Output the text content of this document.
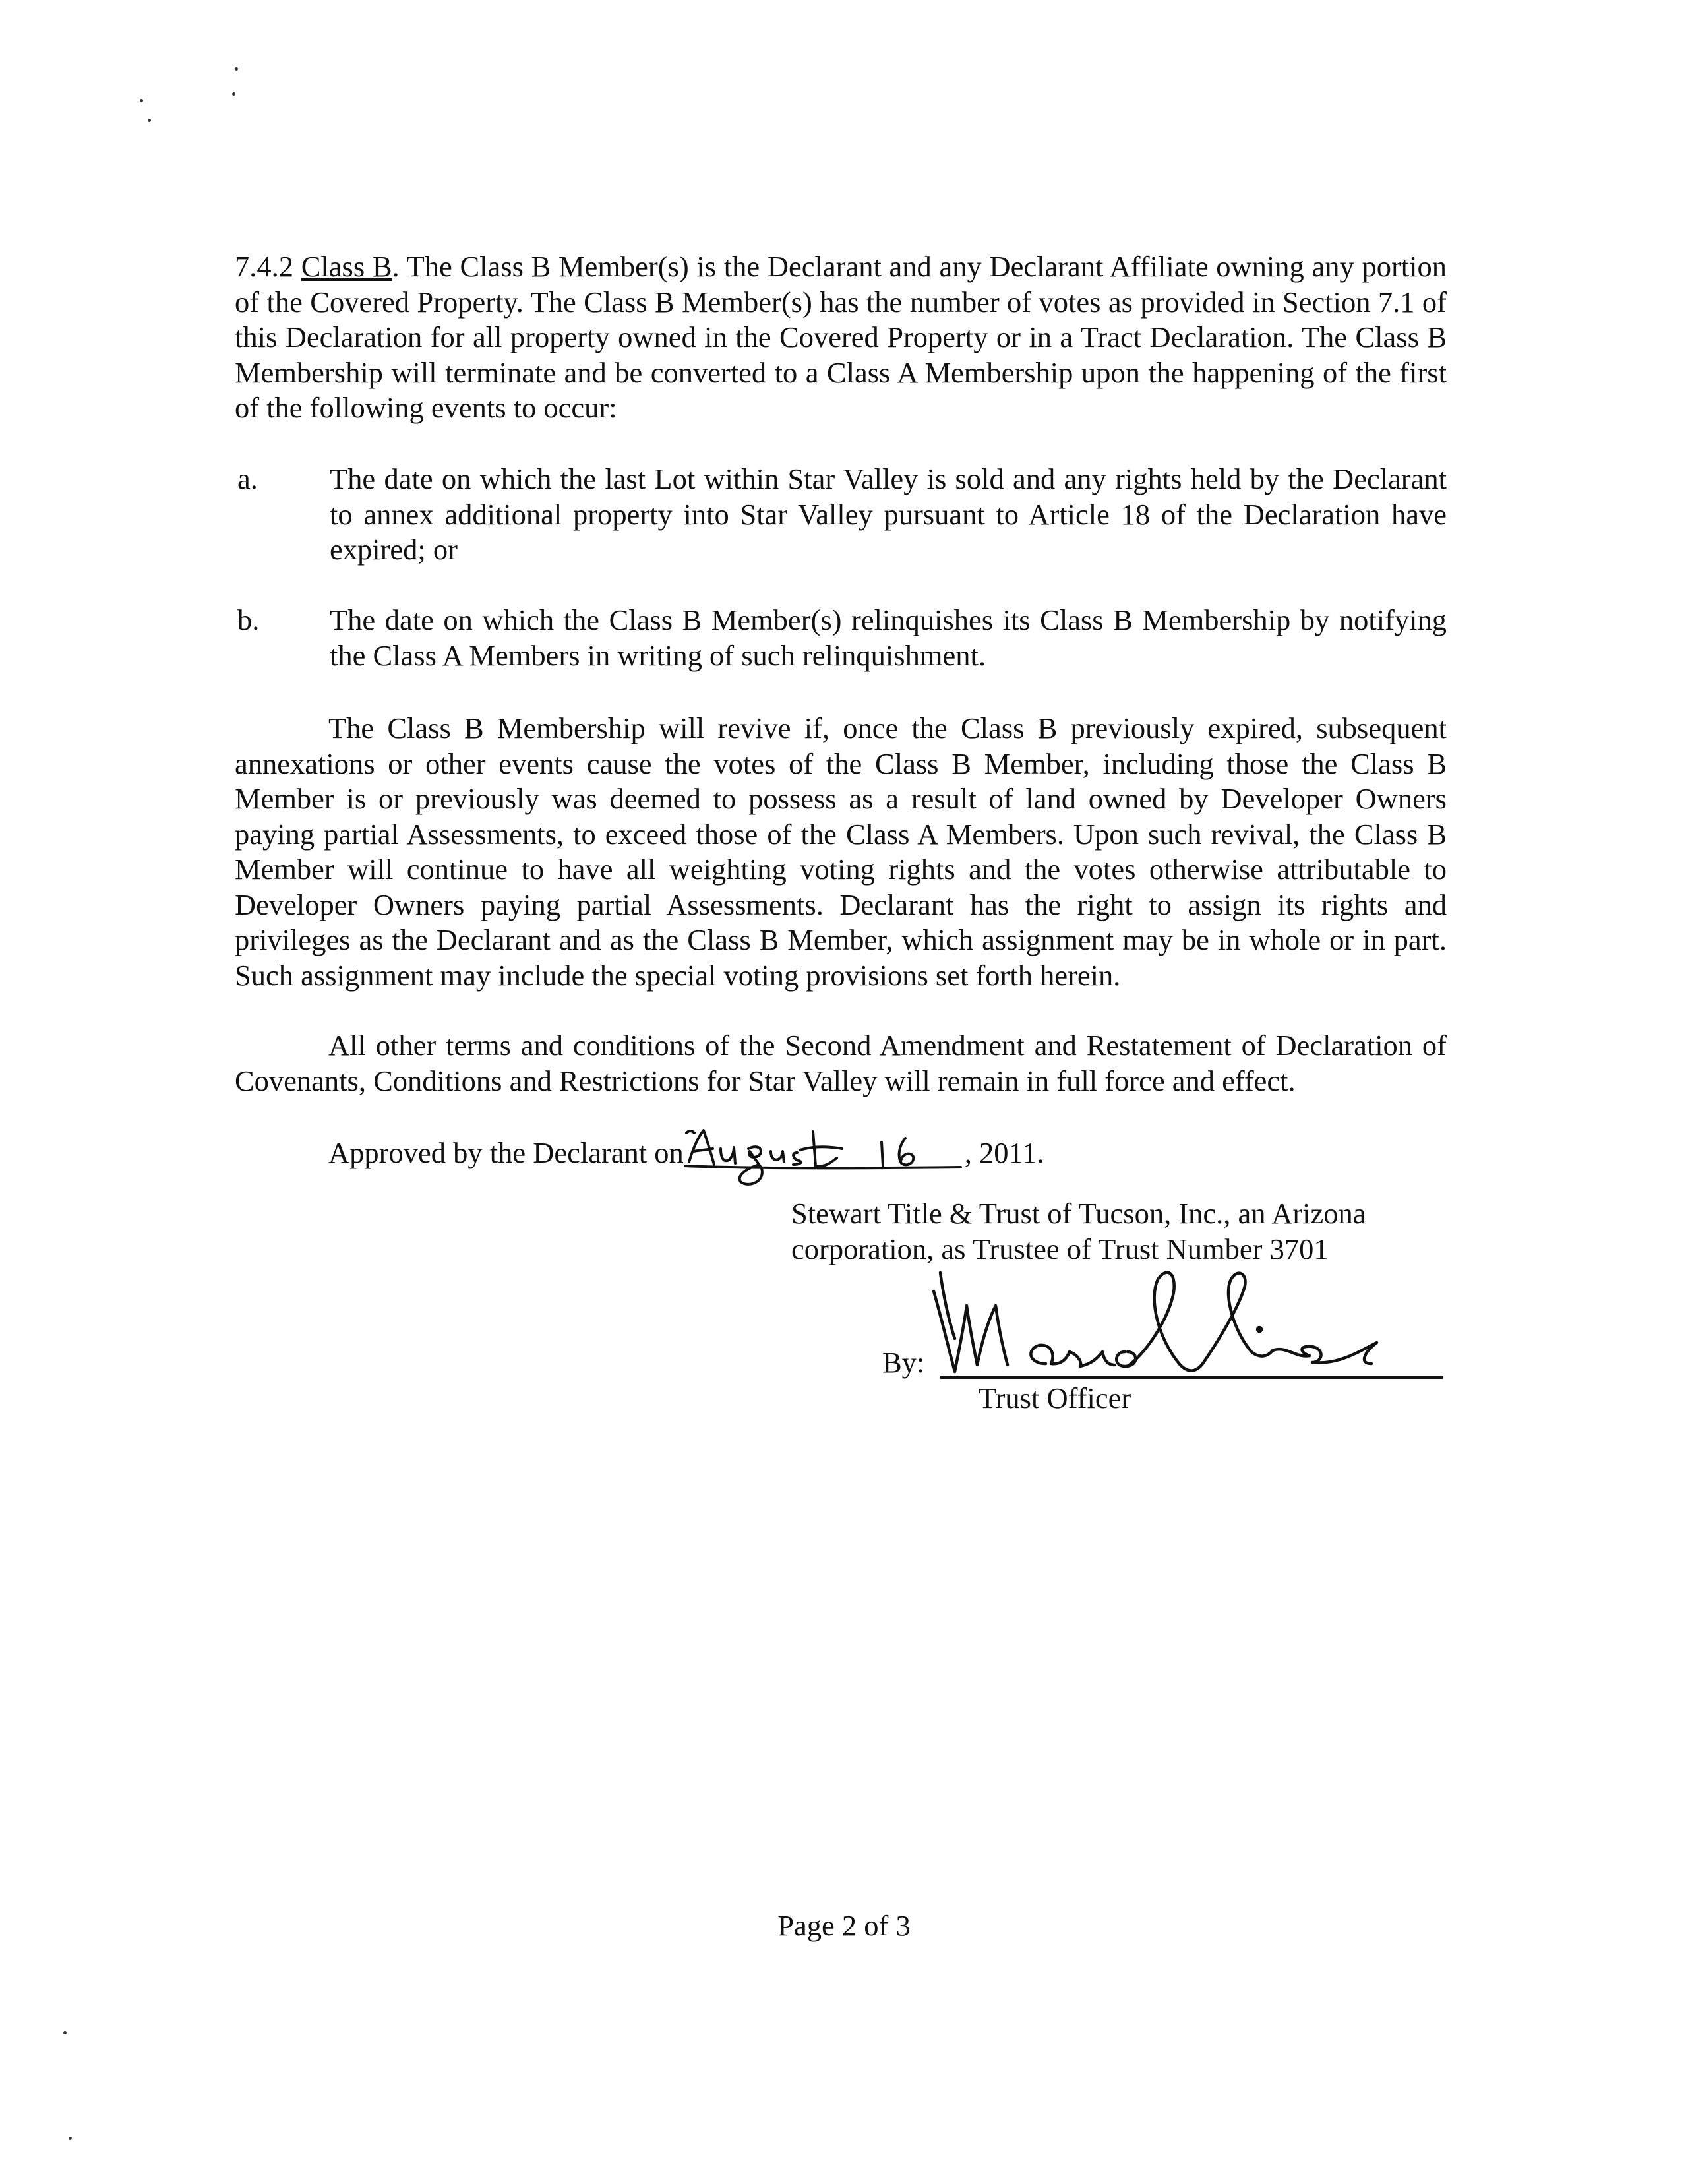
7.4.2 Class B. The Class B Member(s) is the Declarant and any Declarant Affiliate owning any portion of the Covered Property. The Class B Member(s) has the number of votes as provided in Section 7.1 of this Declaration for all property owned in the Covered Property or in a Tract Declaration. The Class B Membership will terminate and be converted to a Class A Membership upon the happening of the first of the following events to occur:
a. The date on which the last Lot within Star Valley is sold and any rights held by the Declarant to annex additional property into Star Valley pursuant to Article 18 of the Declaration have expired; or
b. The date on which the Class B Member(s) relinquishes its Class B Membership by notifying the Class A Members in writing of such relinquishment.
The Class B Membership will revive if, once the Class B previously expired, subsequent annexations or other events cause the votes of the Class B Member, including those the Class B Member is or previously was deemed to possess as a result of land owned by Developer Owners paying partial Assessments, to exceed those of the Class A Members. Upon such revival, the Class B Member will continue to have all weighting voting rights and the votes otherwise attributable to Developer Owners paying partial Assessments. Declarant has the right to assign its rights and privileges as the Declarant and as the Class B Member, which assignment may be in whole or in part. Such assignment may include the special voting provisions set forth herein.
All other terms and conditions of the Second Amendment and Restatement of Declaration of Covenants, Conditions and Restrictions for Star Valley will remain in full force and effect.
Approved by the Declarant on	, 2011.
Stewart Title & Trust of Tucson, Inc., an Arizona
corporation, as Trustee of Trust Number 3701
By:
Trust Officer
Page 2 of 3
